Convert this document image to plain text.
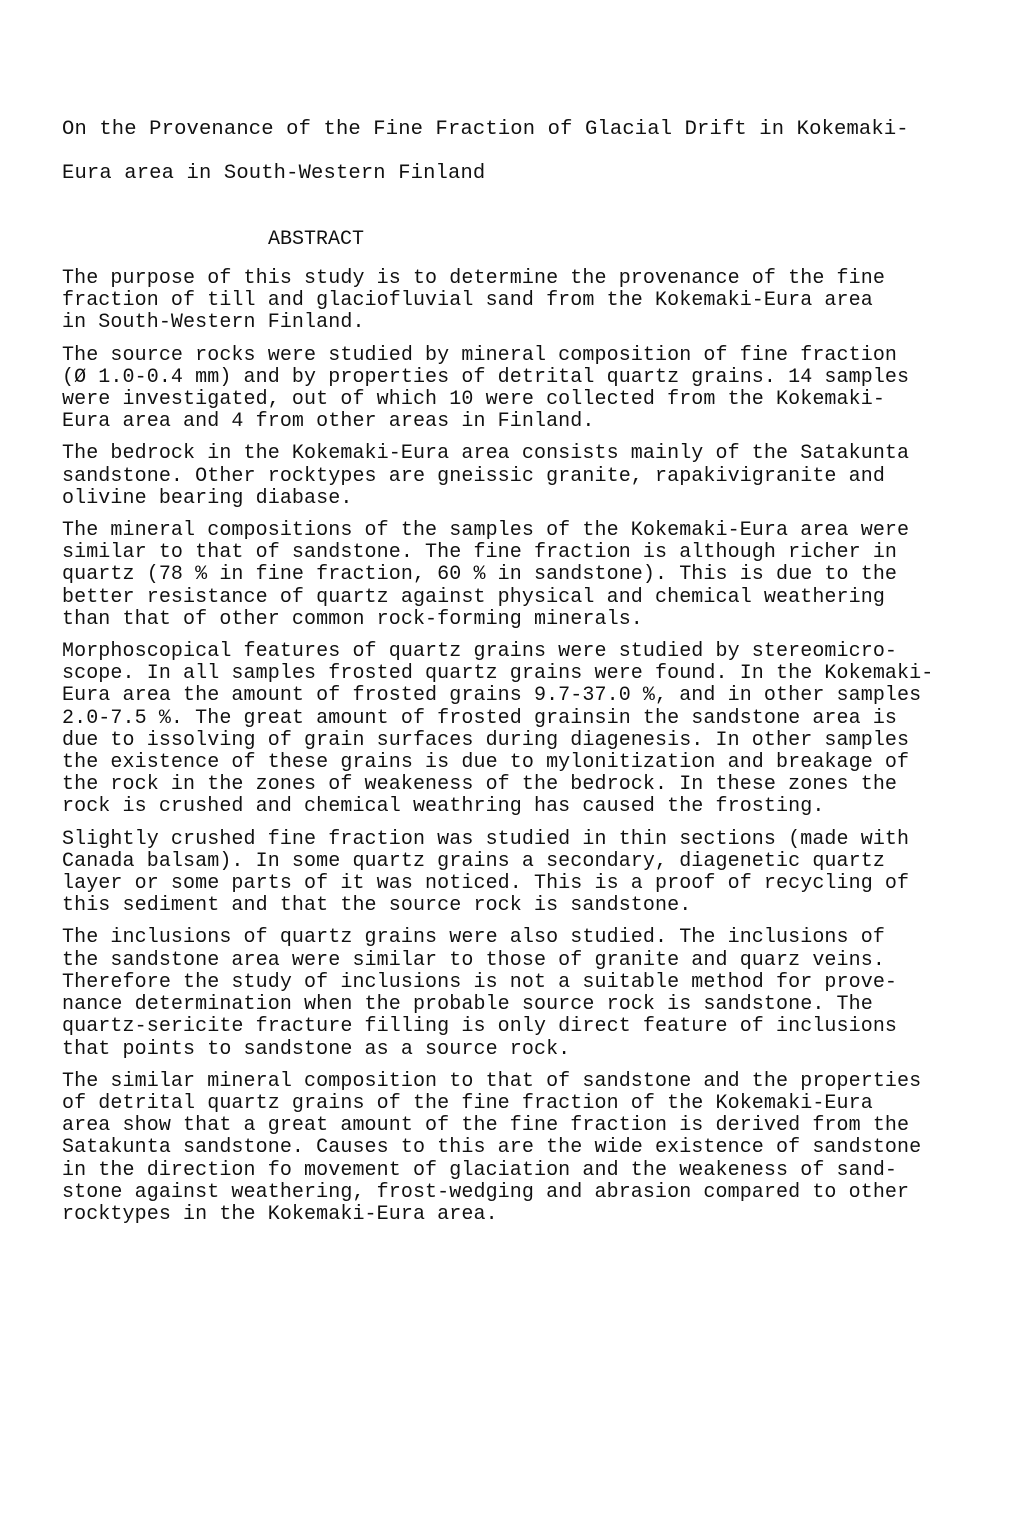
On the Provenance of the Fine Fraction of Glacial Drift in Kokemaki-
Eura area in South-Western Finland
ABSTRACT
The purpose of this study is to determine the provenance of the fine
fraction of till and glaciofluvial sand from the Kokemaki-Eura area
in South-Western Finland.
The source rocks were studied by mineral composition of fine fraction
(Ø 1.0-0.4 mm) and by properties of detrital quartz grains. 14 samples
were investigated, out of which 10 were collected from the Kokemaki-
Eura area and 4 from other areas in Finland.
The bedrock in the Kokemaki-Eura area consists mainly of the Satakunta
sandstone. Other rocktypes are gneissic granite, rapakivigranite and
olivine bearing diabase.
The mineral compositions of the samples of the Kokemaki-Eura area were
similar to that of sandstone. The fine fraction is although richer in
quartz (78 % in fine fraction, 60 % in sandstone). This is due to the
better resistance of quartz against physical and chemical weathering
than that of other common rock-forming minerals.
Morphoscopical features of quartz grains were studied by stereomicro-
scope. In all samples frosted quartz grains were found. In the Kokemaki-
Eura area the amount of frosted grains 9.7-37.0 %, and in other samples
2.0-7.5 %. The great amount of frosted grainsin the sandstone area is
due to issolving of grain surfaces during diagenesis. In other samples
the existence of these grains is due to mylonitization and breakage of
the rock in the zones of weakeness of the bedrock. In these zones the
rock is crushed and chemical weathring has caused the frosting.
Slightly crushed fine fraction was studied in thin sections (made with
Canada balsam). In some quartz grains a secondary, diagenetic quartz
layer or some parts of it was noticed. This is a proof of recycling of
this sediment and that the source rock is sandstone.
The inclusions of quartz grains were also studied. The inclusions of
the sandstone area were similar to those of granite and quarz veins.
Therefore the study of inclusions is not a suitable method for prove-
nance determination when the probable source rock is sandstone. The
quartz-sericite fracture filling is only direct feature of inclusions
that points to sandstone as a source rock.
The similar mineral composition to that of sandstone and the properties
of detrital quartz grains of the fine fraction of the Kokemaki-Eura
area show that a great amount of the fine fraction is derived from the
Satakunta sandstone. Causes to this are the wide existence of sandstone
in the direction fo movement of glaciation and the weakeness of sand-
stone against weathering, frost-wedging and abrasion compared to other
rocktypes in the Kokemaki-Eura area.
